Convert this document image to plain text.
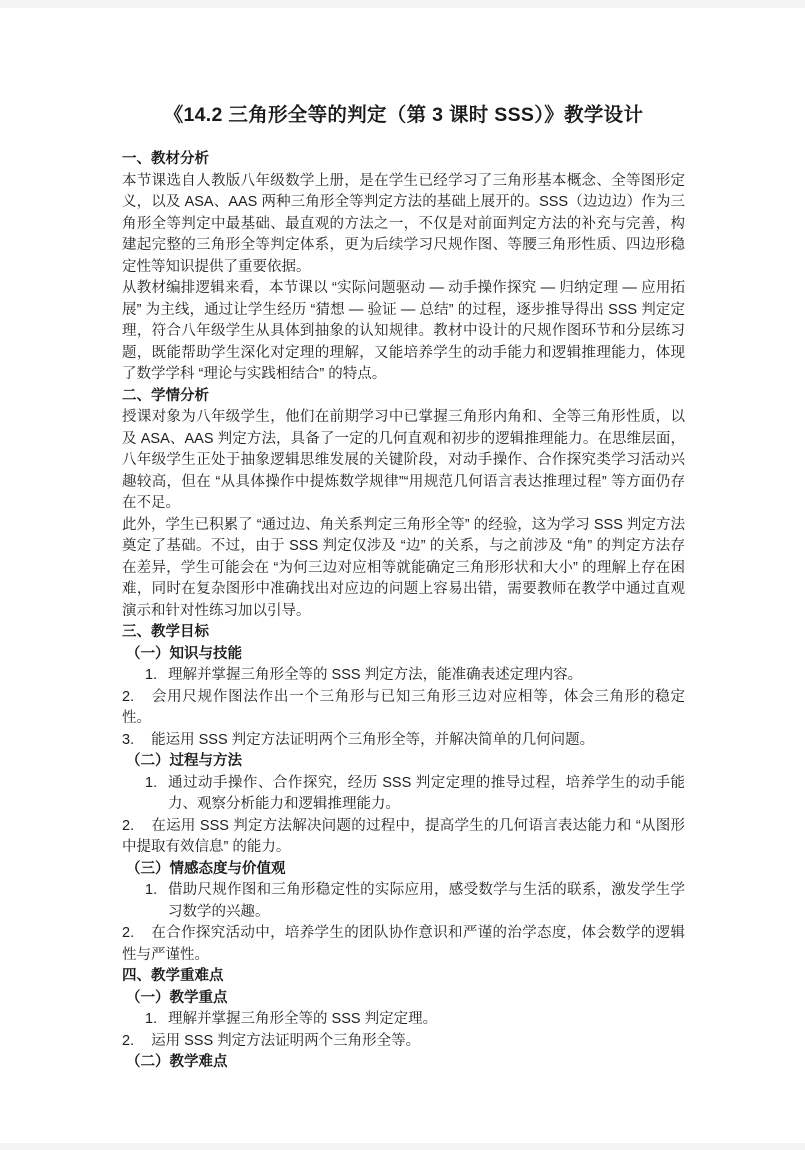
《14.2 三角形全等的判定（第 3 课时 SSS）》教学设计
一、教材分析

本节课选自人教版八年级数学上册，是在学生已经学习了三角形基本概念、全等图形定义，以及 ASA、AAS 两种三角形全等判定方法的基础上展开的。SSS（边边边）作为三角形全等判定中最基础、最直观的方法之一，不仅是对前面判定方法的补充与完善，构建起完整的三角形全等判定体系，更为后续学习尺规作图、等腰三角形性质、四边形稳定性等知识提供了重要依据。

从教材编排逻辑来看，本节课以 “实际问题驱动 — 动手操作探究 — 归纳定理 — 应用拓展” 为主线，通过让学生经历 “猜想 — 验证 — 总结” 的过程，逐步推导得出 SSS 判定定理，符合八年级学生从具体到抽象的认知规律。教材中设计的尺规作图环节和分层练习题，既能帮助学生深化对定理的理解，又能培养学生的动手能力和逻辑推理能力，体现了数学学科 “理论与实践相结合” 的特点。

二、学情分析

授课对象为八年级学生，他们在前期学习中已掌握三角形内角和、全等三角形性质，以及 ASA、AAS 判定方法，具备了一定的几何直观和初步的逻辑推理能力。在思维层面，八年级学生正处于抽象逻辑思维发展的关键阶段，对动手操作、合作探究类学习活动兴趣较高，但在 “从具体操作中提炼数学规律”“用规范几何语言表达推理过程” 等方面仍存在不足。

此外，学生已积累了 “通过边、角关系判定三角形全等” 的经验，这为学习 SSS 判定方法奠定了基础。不过，由于 SSS 判定仅涉及 “边” 的关系，与之前涉及 “角” 的判定方法存在差异，学生可能会在 “为何三边对应相等就能确定三角形形状和大小” 的理解上存在困难，同时在复杂图形中准确找出对应边的问题上容易出错，需要教师在教学中通过直观演示和针对性练习加以引导。

三、教学目标
（一）知识与技能
1. 理解并掌握三角形全等的 SSS 判定方法，能准确表述定理内容。

2. 会用尺规作图法作出一个三角形与已知三角形三边对应相等，体会三角形的稳定性。

3. 能运用 SSS 判定方法证明两个三角形全等，并解决简单的几何问题。

（二）过程与方法
1. 通过动手操作、合作探究，经历 SSS 判定定理的推导过程，培养学生的动手能力、观察分析能力和逻辑推理能力。

2. 在运用 SSS 判定方法解决问题的过程中，提高学生的几何语言表达能力和 “从图形中提取有效信息” 的能力。

（三）情感态度与价值观
1. 借助尺规作图和三角形稳定性的实际应用，感受数学与生活的联系，激发学生学习数学的兴趣。

2. 在合作探究活动中，培养学生的团队协作意识和严谨的治学态度，体会数学的逻辑性与严谨性。

四、教学重难点
（一）教学重点
1. 理解并掌握三角形全等的 SSS 判定定理。

2. 运用 SSS 判定方法证明两个三角形全等。

（二）教学难点
